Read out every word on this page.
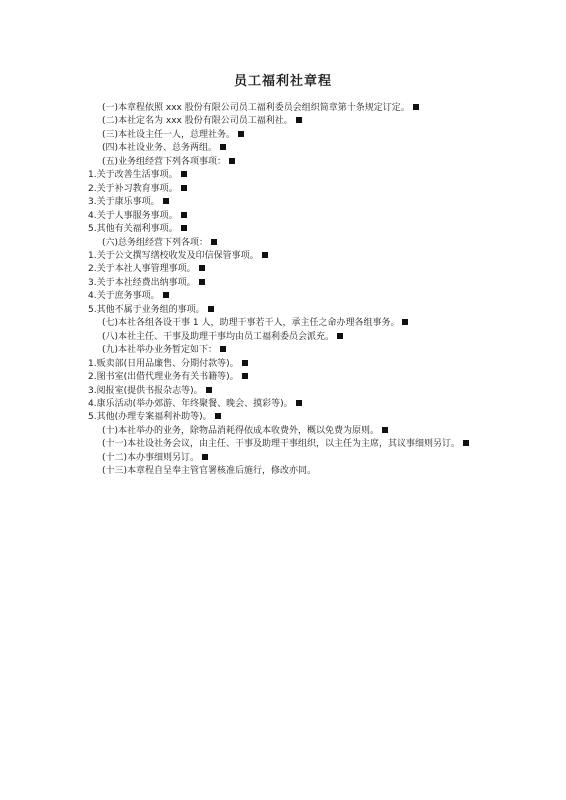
员工福利社章程
(一)本章程依照 xxx 股份有限公司员工福利委员会组织简章第十条规定订定。
(二)本社定名为 xxx 股份有限公司员工福利社。
(三)本社设主任一人，总理社务。
(四)本社设业务、总务两组。
(五)业务组经营下列各项事项：
1.关于改善生活事项。
2.关于补习教育事项。
3.关于康乐事项。
4.关于人事服务事项。
5.其他有关福利事项。
(六)总务组经营下列各项：
1.关于公文撰写缮校收发及印信保管事项。
2.关于本社人事管理事项。
3.关于本社经费出纳事项。
4.关于庶务事项。
5.其他不属于业务组的事项。
(七)本社各组各设干事 1 人，助理干事若干人，承主任之命办理各组事务。
(八)本社主任、干事及助理干事均由员工福利委员会派充。
(九)本社举办业务暂定如下：
1.贩卖部(日用品廉售、分期付款等)。
2.图书室(出借代理业务有关书籍等)。
3.阅报室(提供书报杂志等)。
4.康乐活动(举办郊游、年终聚餐、晚会、摸彩等)。
5.其他(办理专案福利补助等)。
(十)本社举办的业务，除物品消耗得依成本收费外，概以免费为原则。
(十一)本社设社务会议，由主任、干事及助理干事组织，以主任为主席，其议事细则另订。
(十二)本办事细则另订。
(十三)本章程自呈奉主管官署核准后施行，修改亦同。
